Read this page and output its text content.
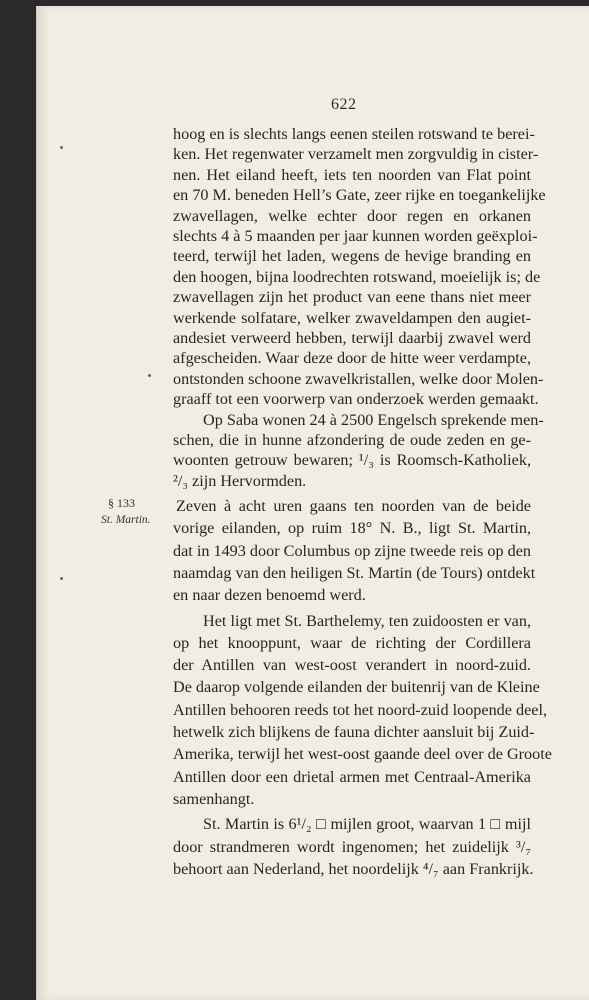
622
§ 133
St. Martin.
hoog en is slechts langs eenen steilen rotswand te berei-
ken. Het regenwater verzamelt men zorgvuldig in cister-
nen. Het eiland heeft, iets ten noorden van Flat point
en 70 M. beneden Hell’s Gate, zeer rijke en toegankelijke
zwavellagen, welke echter door regen en orkanen
slechts 4 à 5 maanden per jaar kunnen worden geëxploi-
teerd, terwijl het laden, wegens de hevige branding en
den hoogen, bijna loodrechten rotswand, moeielijk is; de
zwavellagen zijn het product van eene thans niet meer
werkende solfatare, welker zwaveldampen den augiet-
andesiet verweerd hebben, terwijl daarbij zwavel werd
afgescheiden. Waar deze door de hitte weer verdampte,
ontstonden schoone zwavelkristallen, welke door Molen-
graaff tot een voorwerp van onderzoek werden gemaakt.
Op Saba wonen 24 à 2500 Engelsch sprekende men-
schen, die in hunne afzondering de oude zeden en ge-
woonten getrouw bewaren; ¹/₃ is Roomsch-Katholiek,
²/₃ zijn Hervormden.
Zeven à acht uren gaans ten noorden van de beide
vorige eilanden, op ruim 18° N. B., ligt St. Martin,
dat in 1493 door Columbus op zijne tweede reis op den
naamdag van den heiligen St. Martin (de Tours) ontdekt
en naar dezen benoemd werd.
Het ligt met St. Barthelemy, ten zuidoosten er van,
op het knooppunt, waar de richting der Cordillera
der Antillen van west-oost verandert in noord-zuid.
De daarop volgende eilanden der buitenrij van de Kleine
Antillen behooren reeds tot het noord-zuid loopende deel,
hetwelk zich blijkens de fauna dichter aansluit bij Zuid-
Amerika, terwijl het west-oost gaande deel over de Groote
Antillen door een drietal armen met Centraal-Amerika
samenhangt.
St. Martin is 6¹/₂ □ mijlen groot, waarvan 1 □ mijl
door strandmeren wordt ingenomen; het zuidelijk ³/₇
behoort aan Nederland, het noordelijk ⁴/₇ aan Frankrijk.
